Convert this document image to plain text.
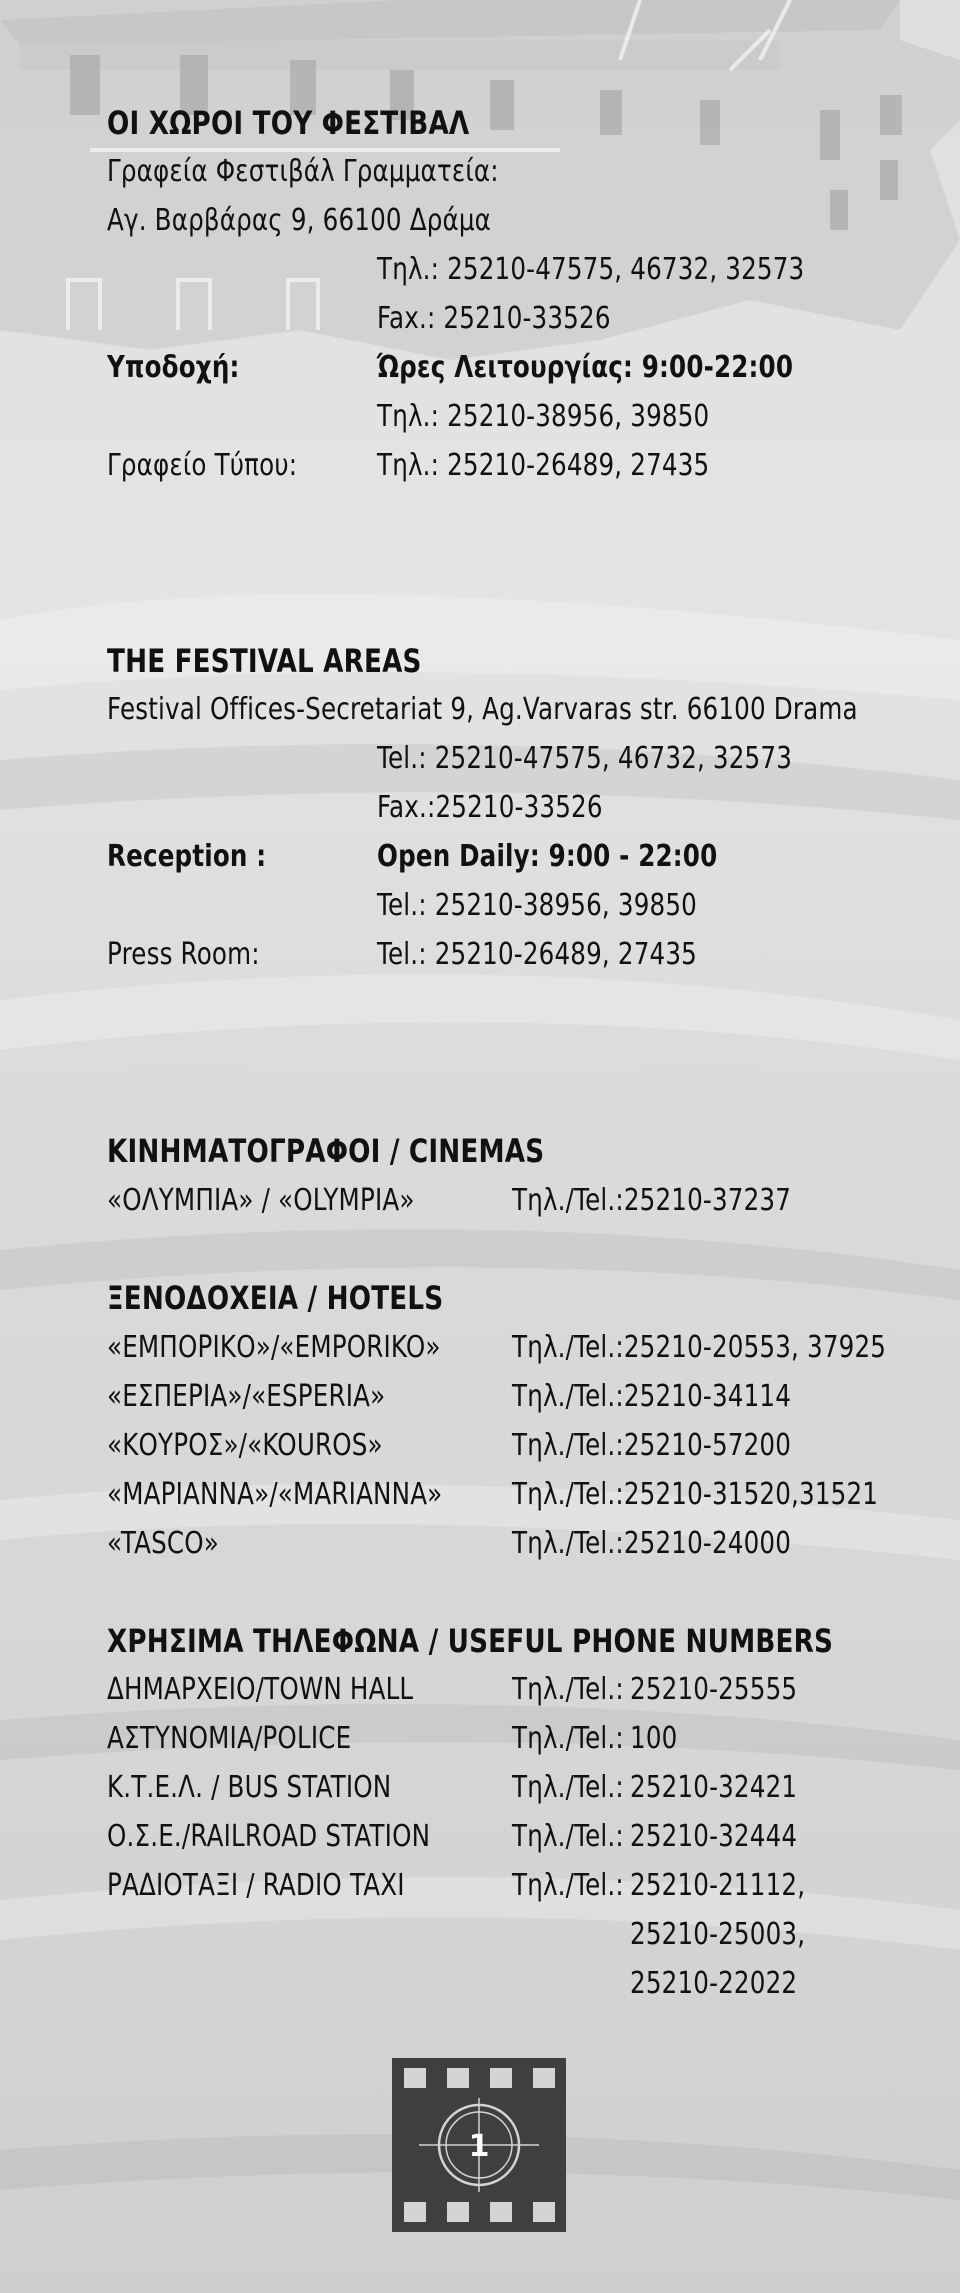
ΟΙ ΧΩΡΟΙ ΤΟΥ ΦΕΣΤΙΒΑΛ
Γραφεία Φεστιβάλ Γραμματεία:
Αγ. Βαρβάρας 9, 66100 Δράμα
Τηλ.: 25210-47575, 46732, 32573
Fax.: 25210-33526
Υποδοχή:	Ώρες Λειτουργίας: 9:00-22:00
Τηλ.: 25210-38956, 39850
Γραφείο Τύπου:	Τηλ.: 25210-26489, 27435
THE FESTIVAL AREAS
Festival Offices-Secretariat 9, Ag.Varvaras str. 66100 Drama
Tel.: 25210-47575, 46732, 32573
Fax.:25210-33526
Reception :	Open Daily: 9:00 - 22:00
Tel.: 25210-38956, 39850
Press Room:	Tel.: 25210-26489, 27435
ΚΙΝΗΜΑΤΟΓΡΑΦΟΙ / CINEMAS
«ΟΛΥΜΠΙΑ» / «OLYMPIA»	Τηλ./Tel.:25210-37237
ΞΕΝΟΔΟΧΕΙΑ / HOTELS
«ΕΜΠΟΡΙΚΟ»/«EMPORIKO» Τηλ./Tel.:25210-20553, 37925
«ΕΣΠΕΡΙΑ»/«ESPERIA»	Τηλ./Tel.:25210-34114
«ΚΟΥΡΟΣ»/«KOUROS»	Τηλ./Tel.:25210-57200
«ΜΑΡΙΑΝΝΑ»/«MARIANNA» Τηλ./Tel.:25210-31520,31521
«TASCO»	Τηλ./Tel.:25210-24000
ΧΡΗΣΙΜΑ ΤΗΛΕΦΩΝΑ / USEFUL PHONE NUMBERS
ΔΗΜΑΡΧΕΙΟ/TOWN HALL	Τηλ./Tel.: 25210-25555
ΑΣΤΥΝΟΜΙΑ/POLICE	Τηλ./Tel.: 100
Κ.Τ.Ε.Λ. / BUS STATION	Τηλ./Tel.: 25210-32421
Ο.Σ.Ε./RAILROAD STATION	Τηλ./Tel.: 25210-32444
ΡΑΔΙΟΤΑΞΙ / RADIO TAXI	Τηλ./Tel.: 25210-21112,
25210-25003,
25210-22022
1
